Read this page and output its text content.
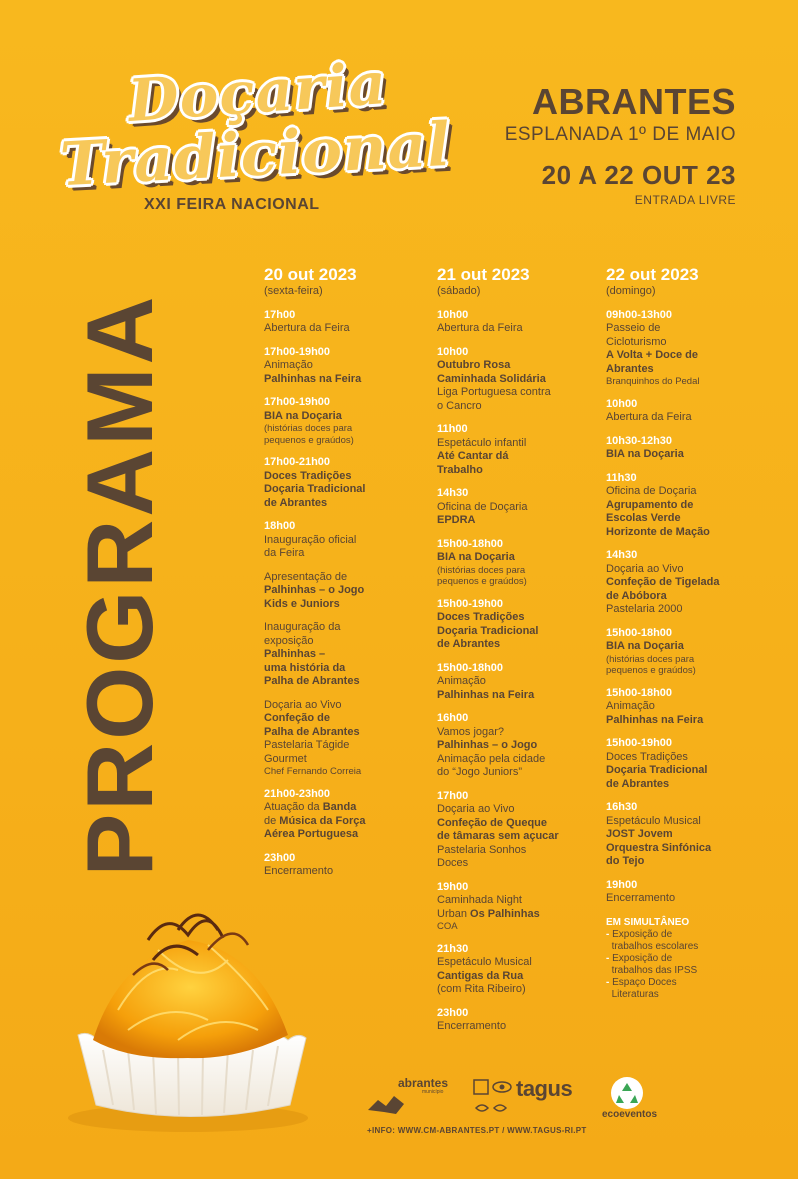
Doçaria
Tradicional
XXI FEIRA NACIONAL
ABRANTES
ESPLANADA 1º DE MAIO
20 A 22 OUT 23
ENTRADA LIVRE
PROGRAMA
20 out 2023
(sexta-feira)
17h00
Abertura da Feira
17h00-19h00
Animação
Palhinhas na Feira
17h00-19h00
BIA na Doçaria
(histórias doces para
pequenos e graúdos)
17h00-21h00
Doces Tradições
Doçaria Tradicional
de Abrantes
18h00
Inauguração oficial
da Feira
Apresentação de
Palhinhas – o Jogo
Kids e Juniors
Inauguração da
exposição
Palhinhas –
uma história da
Palha de Abrantes
Doçaria ao Vivo
Confeção de
Palha de Abrantes
Pastelaria Tágide
Gourmet
Chef Fernando Correia
21h00-23h00
Atuação da Banda
de Música da Força
Aérea Portuguesa
23h00
Encerramento
21 out 2023
(sábado)
10h00
Abertura da Feira
10h00
Outubro Rosa
Caminhada Solidária
Liga Portuguesa contra
o Cancro
11h00
Espetáculo infantil
Até Cantar dá
Trabalho
14h30
Oficina de Doçaria
EPDRA
15h00-18h00
BIA na Doçaria
(histórias doces para
pequenos e graúdos)
15h00-19h00
Doces Tradições
Doçaria Tradicional
de Abrantes
15h00-18h00
Animação
Palhinhas na Feira
16h00
Vamos jogar?
Palhinhas – o Jogo
Animação pela cidade
do “Jogo Juniors”
17h00
Doçaria ao Vivo
Confeção de Queque
de tâmaras sem açucar
Pastelaria Sonhos
Doces
19h00
Caminhada Night
Urban Os Palhinhas
COA
21h30
Espetáculo Musical
Cantigas da Rua
(com Rita Ribeiro)
23h00
Encerramento
22 out 2023
(domingo)
09h00-13h00
Passeio de
Cicloturismo
A Volta + Doce de
Abrantes
Branquinhos do Pedal
10h00
Abertura da Feira
10h30-12h30
BIA na Doçaria
11h30
Oficina de Doçaria
Agrupamento de
Escolas Verde
Horizonte de Mação
14h30
Doçaria ao Vivo
Confeção de Tigelada
de Abóbora
Pastelaria 2000
15h00-18h00
BIA na Doçaria
(histórias doces para
pequenos e graúdos)
15h00-18h00
Animação
Palhinhas na Feira
15h00-19h00
Doces Tradições
Doçaria Tradicional
de Abrantes
16h30
Espetáculo Musical
JOST Jovem
Orquestra Sinfónica
do Tejo
19h00
Encerramento
EM SIMULTÂNEO
- Exposição de
trabalhos escolares
- Exposição de
trabalhos das IPSS
- Espaço Doces
Literaturas
abrantes
município	tagus
ecoeventos
+INFO: WWW.CM-ABRANTES.PT / WWW.TAGUS-RI.PT
